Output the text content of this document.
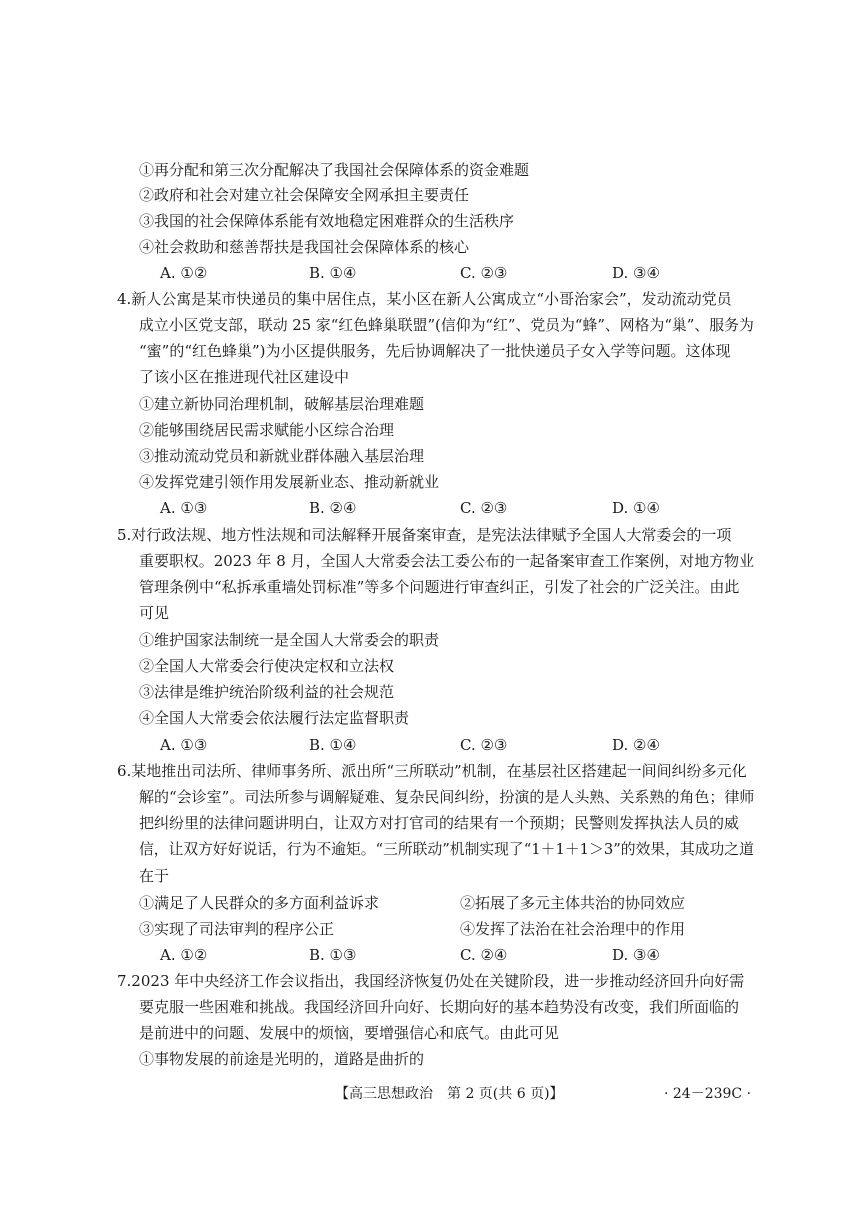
①再分配和第三次分配解决了我国社会保障体系的资金难题
②政府和社会对建立社会保障安全网承担主要责任
③我国的社会保障体系能有效地稳定困难群众的生活秩序
④社会救助和慈善帮扶是我国社会保障体系的核心
A. ①②	B. ①④	C. ②③	D. ③④
4.新人公寓是某市快递员的集中居住点，某小区在新人公寓成立“小哥治家会”，发动流动党员
成立小区党支部，联动 25 家“红色蜂巢联盟”(信仰为“红”、党员为“蜂”、网格为“巢”、服务为
“蜜”的“红色蜂巢”)为小区提供服务，先后协调解决了一批快递员子女入学等问题。这体现
了该小区在推进现代社区建设中
①建立新协同治理机制，破解基层治理难题
②能够围绕居民需求赋能小区综合治理
③推动流动党员和新就业群体融入基层治理
④发挥党建引领作用发展新业态、推动新就业
A. ①③	B. ②④	C. ②③	D. ①④
5.对行政法规、地方性法规和司法解释开展备案审查，是宪法法律赋予全国人大常委会的一项
重要职权。2023 年 8 月，全国人大常委会法工委公布的一起备案审查工作案例，对地方物业
管理条例中“私拆承重墙处罚标准”等多个问题进行审查纠正，引发了社会的广泛关注。由此
可见
①维护国家法制统一是全国人大常委会的职责
②全国人大常委会行使决定权和立法权
③法律是维护统治阶级利益的社会规范
④全国人大常委会依法履行法定监督职责
A. ①③	B. ①④	C. ②③	D. ②④
6.某地推出司法所、律师事务所、派出所“三所联动”机制，在基层社区搭建起一间间纠纷多元化
解的“会诊室”。司法所参与调解疑难、复杂民间纠纷，扮演的是人头熟、关系熟的角色；律师
把纠纷里的法律问题讲明白，让双方对打官司的结果有一个预期；民警则发挥执法人员的威
信，让双方好好说话，行为不逾矩。“三所联动”机制实现了“1＋1＋1＞3”的效果，其成功之道
在于
①满足了人民群众的多方面利益诉求	②拓展了多元主体共治的协同效应
③实现了司法审判的程序公正	④发挥了法治在社会治理中的作用
A. ①②	B. ①③	C. ②④	D. ③④
7.2023 年中央经济工作会议指出，我国经济恢复仍处在关键阶段，进一步推动经济回升向好需
要克服一些困难和挑战。我国经济回升向好、长期向好的基本趋势没有改变，我们所面临的
是前进中的问题、发展中的烦恼，要增强信心和底气。由此可见
①事物发展的前途是光明的，道路是曲折的
【高三思想政治　第 2 页(共 6 页)】	· 24－239C ·
